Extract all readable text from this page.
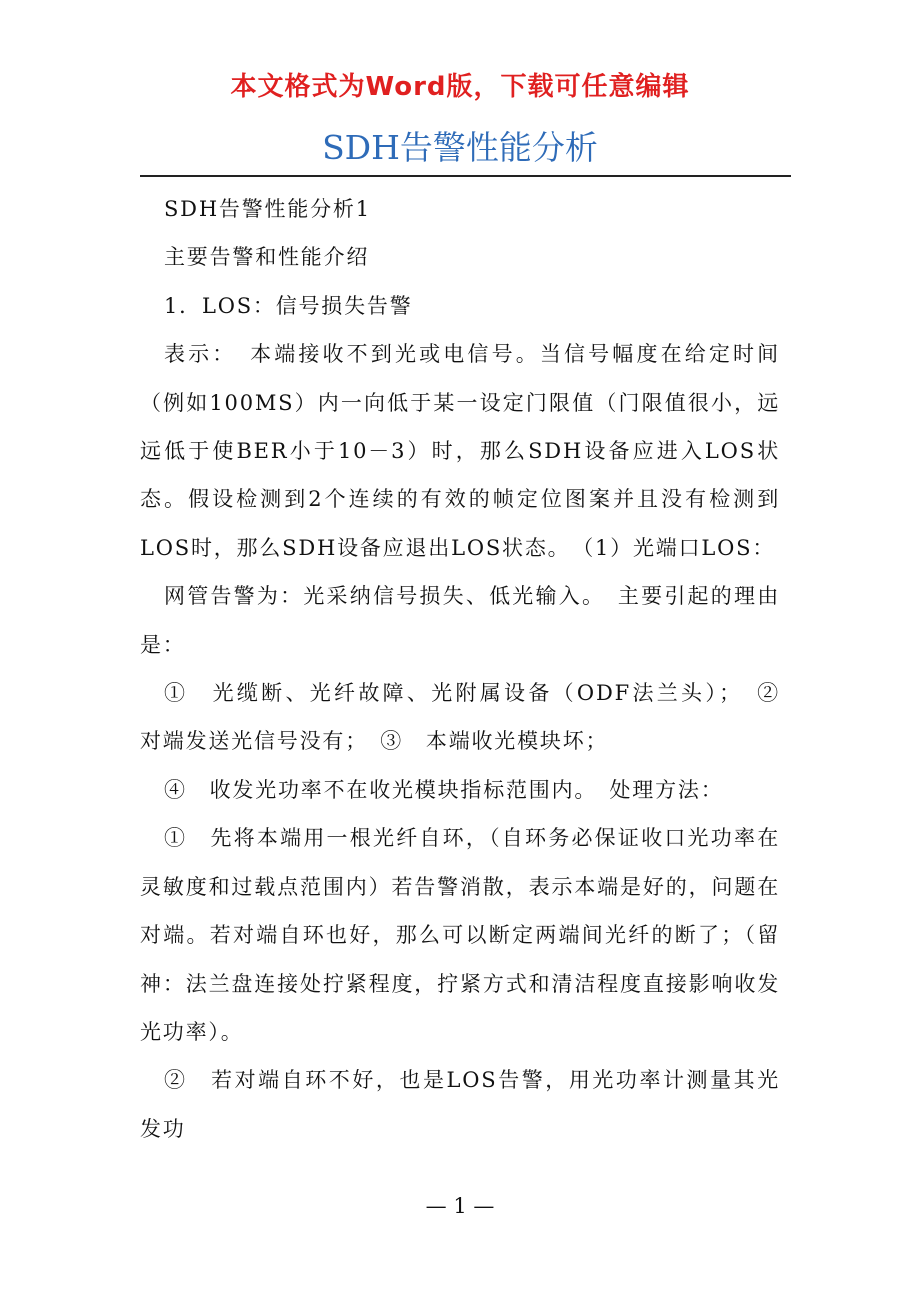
本文格式为Word版，下载可任意编辑
SDH告警性能分析

SDH告警性能分析1

主要告警和性能介绍

1．LOS：信号损失告警

表示：　本端接收不到光或电信号。当信号幅度在给定时间（例如100MS）内一向低于某一设定门限值（门限值很小，远远低于使BER小于10－3）时，那么SDH设备应进入LOS状态。假设检测到2个连续的有效的帧定位图案并且没有检测到LOS时，那么SDH设备应退出LOS状态。　（1）光端口LOS：

网管告警为：光采纳信号损失、低光输入。　主要引起的理由是：

①　光缆断、光纤故障、光附属设备（ODF法兰头）；　②　对端发送光信号没有；　③　本端收光模块坏；

④　收发光功率不在收光模块指标范围内。　处理方法：

①　先将本端用一根光纤自环，（自环务必保证收口光功率在灵敏度和过载点范围内）若告警消散，表示本端是好的，问题在对端。若对端自环也好，那么可以断定两端间光纤的断了；（留神：法兰盘连接处拧紧程度，拧紧方式和清洁程度直接影响收发光功率）。

②　若对端自环不好，也是LOS告警，用光功率计测量其光发功

— 1 —
